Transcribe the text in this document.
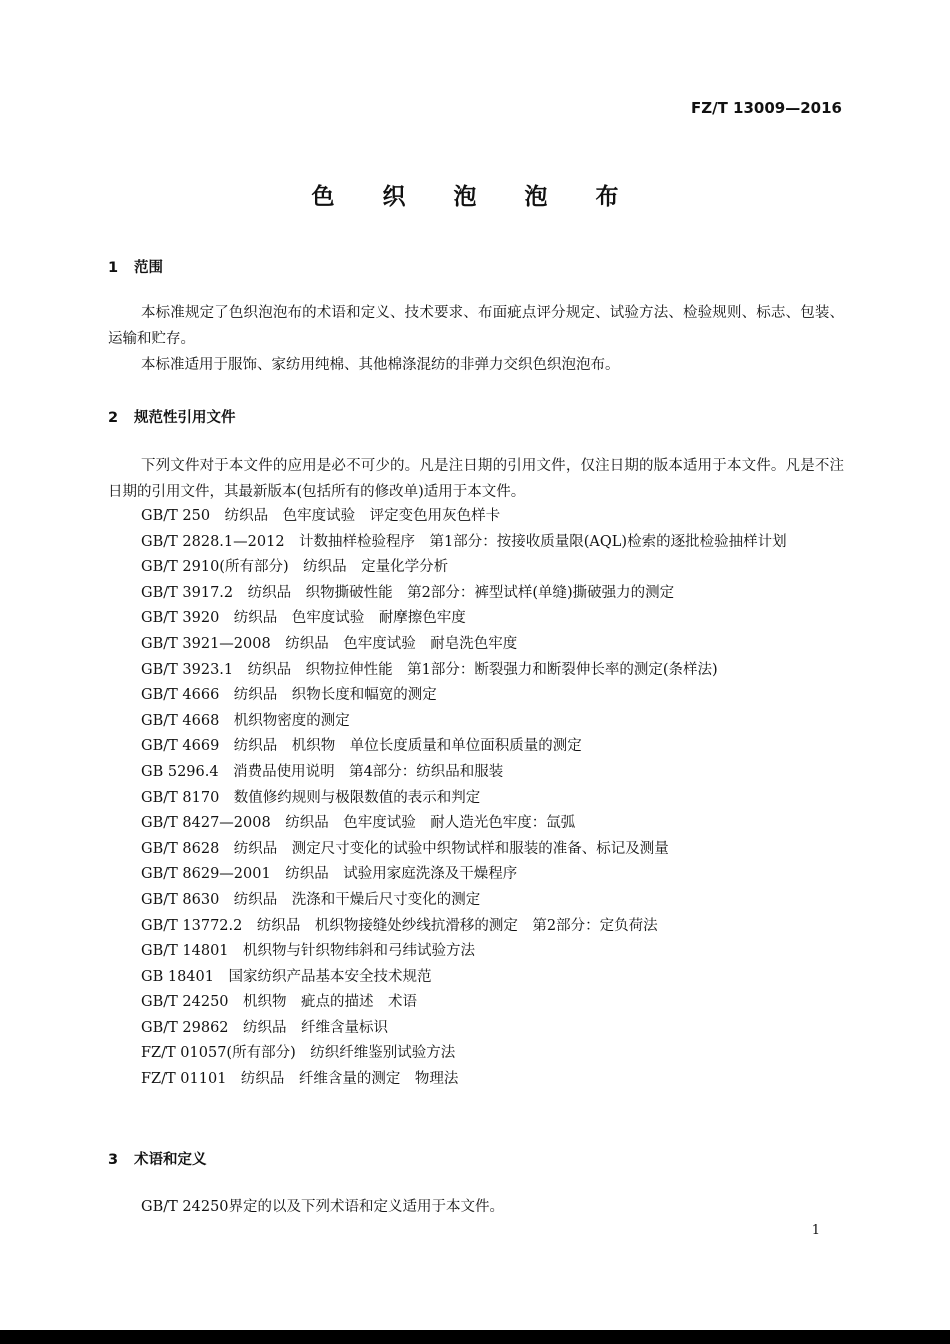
FZ/T 13009—2016
色 织 泡 泡 布
1 范围
本标准规定了色织泡泡布的术语和定义、技术要求、布面疵点评分规定、试验方法、检验规则、标志、包装、运输和贮存。
本标准适用于服饰、家纺用纯棉、其他棉涤混纺的非弹力交织色织泡泡布。
2 规范性引用文件
下列文件对于本文件的应用是必不可少的。凡是注日期的引用文件，仅注日期的版本适用于本文件。凡是不注日期的引用文件，其最新版本(包括所有的修改单)适用于本文件。
GB/T 250　纺织品　色牢度试验　评定变色用灰色样卡
GB/T 2828.1—2012　计数抽样检验程序　第1部分：按接收质量限(AQL)检索的逐批检验抽样计划
GB/T 2910(所有部分)　纺织品　定量化学分析
GB/T 3917.2　纺织品　织物撕破性能　第2部分：裤型试样(单缝)撕破强力的测定
GB/T 3920　纺织品　色牢度试验　耐摩擦色牢度
GB/T 3921—2008　纺织品　色牢度试验　耐皂洗色牢度
GB/T 3923.1　纺织品　织物拉伸性能　第1部分：断裂强力和断裂伸长率的测定(条样法)
GB/T 4666　纺织品　织物长度和幅宽的测定
GB/T 4668　机织物密度的测定
GB/T 4669　纺织品　机织物　单位长度质量和单位面积质量的测定
GB 5296.4　消费品使用说明　第4部分：纺织品和服装
GB/T 8170　数值修约规则与极限数值的表示和判定
GB/T 8427—2008　纺织品　色牢度试验　耐人造光色牢度：氙弧
GB/T 8628　纺织品　测定尺寸变化的试验中织物试样和服装的准备、标记及测量
GB/T 8629—2001　纺织品　试验用家庭洗涤及干燥程序
GB/T 8630　纺织品　洗涤和干燥后尺寸变化的测定
GB/T 13772.2　纺织品　机织物接缝处纱线抗滑移的测定　第2部分：定负荷法
GB/T 14801　机织物与针织物纬斜和弓纬试验方法
GB 18401　国家纺织产品基本安全技术规范
GB/T 24250　机织物　疵点的描述　术语
GB/T 29862　纺织品　纤维含量标识
FZ/T 01057(所有部分)　纺织纤维鉴别试验方法
FZ/T 01101　纺织品　纤维含量的测定　物理法
3 术语和定义
GB/T 24250界定的以及下列术语和定义适用于本文件。
1
